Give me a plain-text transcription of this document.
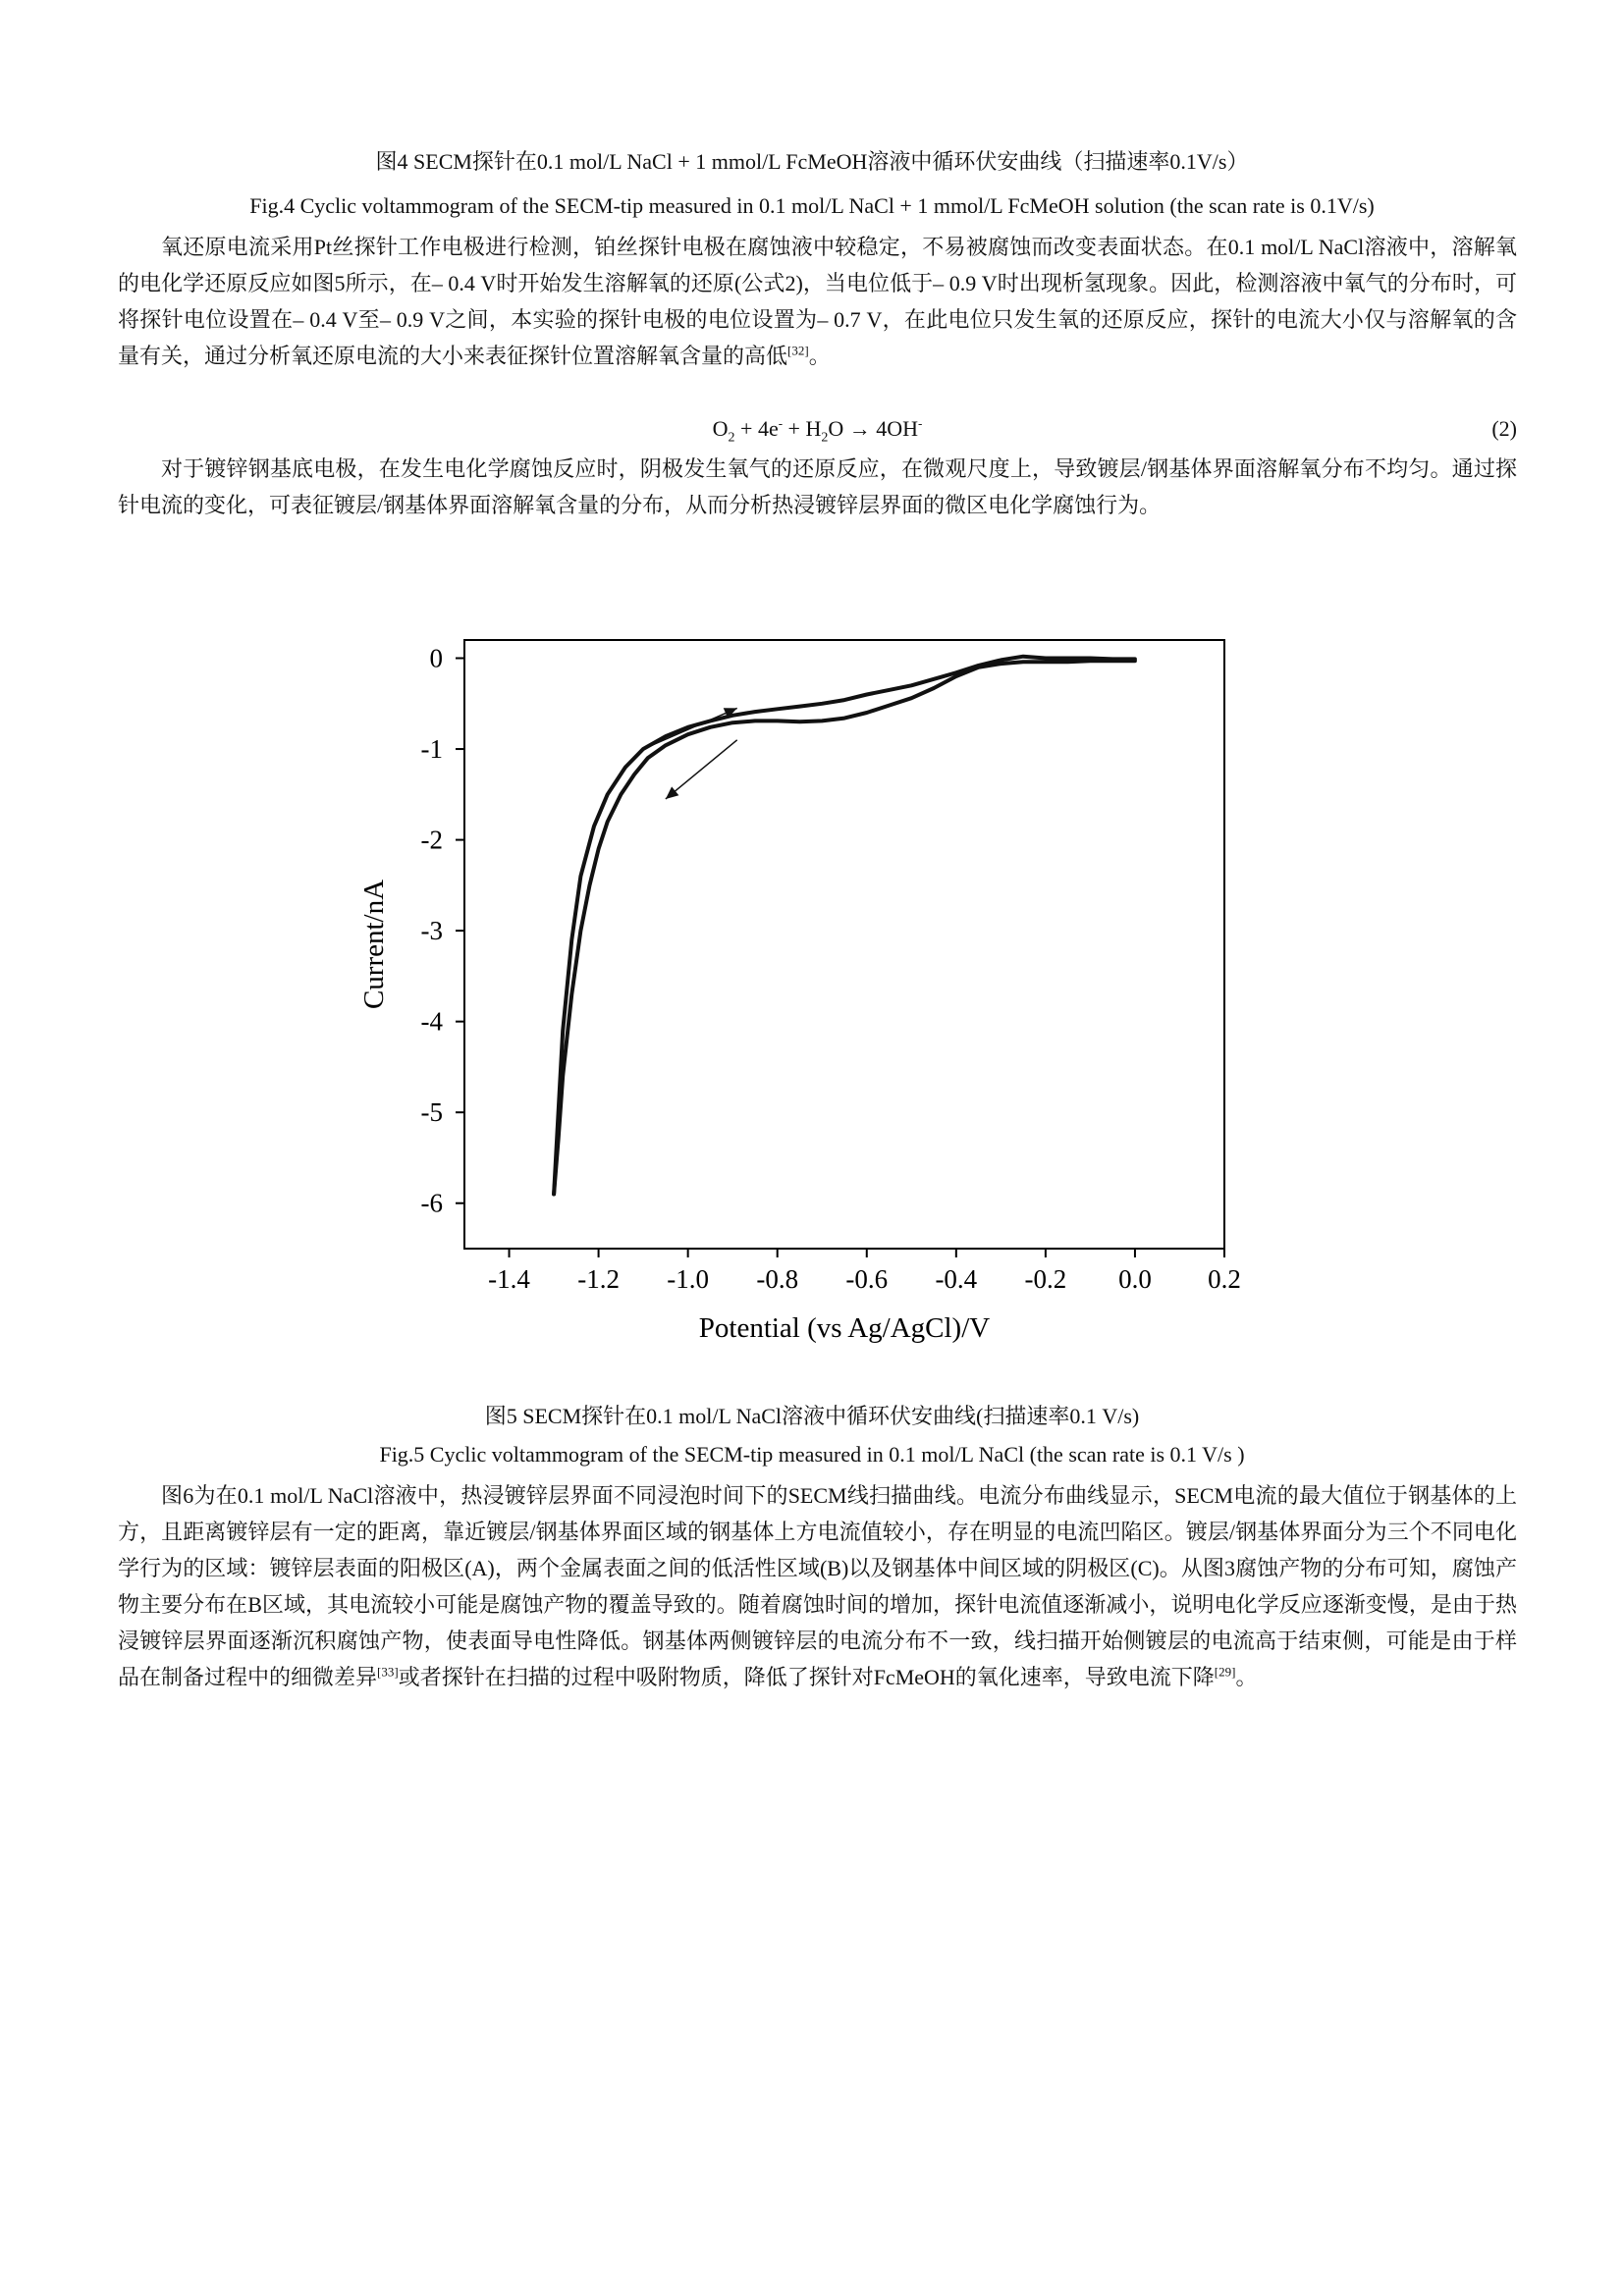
图4 SECM探针在0.1 mol/L NaCl + 1 mmol/L FcMeOH溶液中循环伏安曲线（扫描速率0.1V/s）
Fig.4 Cyclic voltammogram of the SECM-tip measured in 0.1 mol/L NaCl + 1 mmol/L FcMeOH solution (the scan rate is 0.1V/s)

氧还原电流采用Pt丝探针工作电极进行检测，铂丝探针电极在腐蚀液中较稳定，不易被腐蚀而改变表面状态。在0.1 mol/L NaCl溶液中，溶解氧的电化学还原反应如图5所示，在– 0.4 V时开始发生溶解氧的还原(公式2)，当电位低于– 0.9 V时出现析氢现象。因此，检测溶液中氧气的分布时，可将探针电位设置在– 0.4 V至– 0.9 V之间，本实验的探针电极的电位设置为– 0.7 V，在此电位只发生氧的还原反应，探针的电流大小仅与溶解氧的含量有关，通过分析氧还原电流的大小来表征探针位置溶解氧含量的高低[32]。

$O_2 + 4e^- + H_2O \to 4OH^-$	(2)

对于镀锌钢基底电极，在发生电化学腐蚀反应时，阴极发生氧气的还原反应，在微观尺度上，导致镀层/钢基体界面溶解氧分布不均匀。通过探针电流的变化，可表征镀层/钢基体界面溶解氧含量的分布，从而分析热浸镀锌层界面的微区电化学腐蚀行为。

-1.4 -1.2 -1.0 -0.8 -0.6 -0.4 -0.2 0.0 0.2
0
-1
-2
-3
-4
-5
-6
Potential (vs Ag/AgCl)/V
Current/nA
图5 SECM探针在0.1 mol/L NaCl溶液中循环伏安曲线(扫描速率0.1 V/s)
Fig.5 Cyclic voltammogram of the SECM-tip measured in 0.1 mol/L NaCl (the scan rate is 0.1 V/s )

图6为在0.1 mol/L NaCl溶液中，热浸镀锌层界面不同浸泡时间下的SECM线扫描曲线。电流分布曲线显示，SECM电流的最大值位于钢基体的上方，且距离镀锌层有一定的距离，靠近镀层/钢基体界面区域的钢基体上方电流值较小，存在明显的电流凹陷区。镀层/钢基体界面分为三个不同电化学行为的区域：镀锌层表面的阳极区(A)，两个金属表面之间的低活性区域(B)以及钢基体中间区域的阴极区(C)。从图3腐蚀产物的分布可知，腐蚀产物主要分布在B区域，其电流较小可能是腐蚀产物的覆盖导致的。随着腐蚀时间的增加，探针电流值逐渐减小，说明电化学反应逐渐变慢，是由于热浸镀锌层界面逐渐沉积腐蚀产物，使表面导电性降低。钢基体两侧镀锌层的电流分布不一致，线扫描开始侧镀层的电流高于结束侧，可能是由于样品在制备过程中的细微差异[33]或者探针在扫描的过程中吸附物质，降低了探针对FcMeOH的氧化速率，导致电流下降[29]。
